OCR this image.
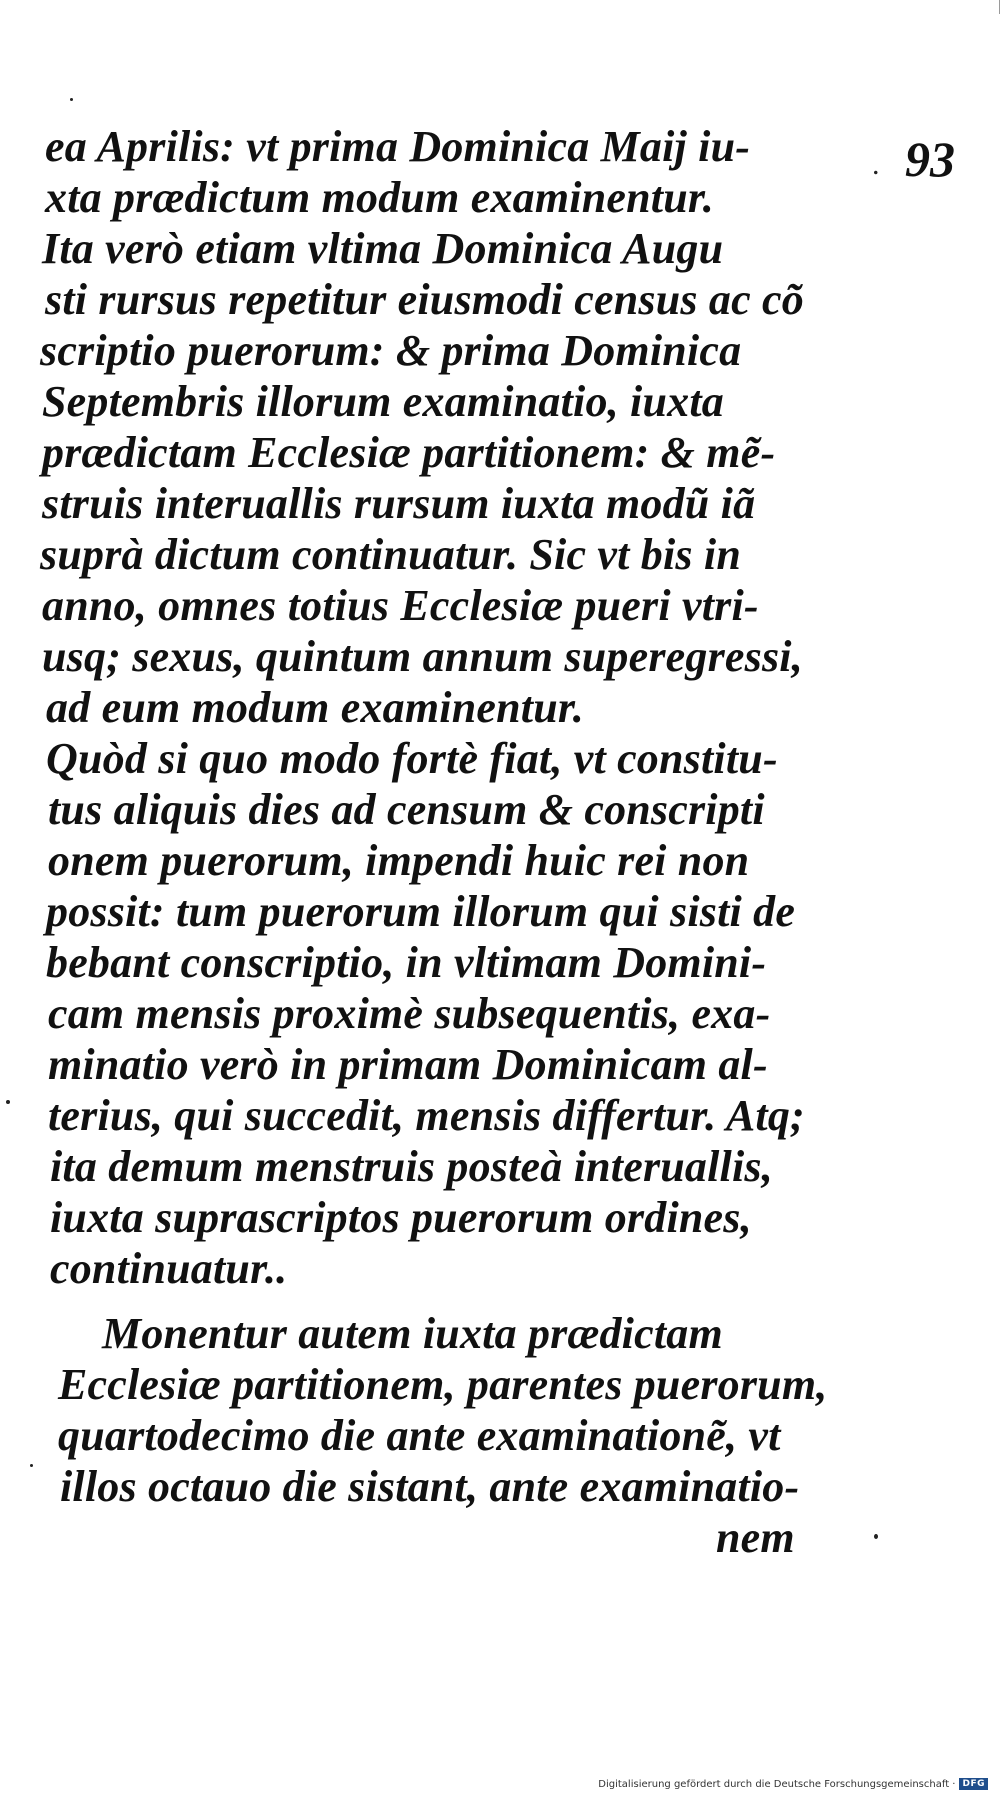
. 93
ea Aprilis: vt prima Dominica Maij iu-
xta prædictum modum examinentur.
Ita verò etiam vltima Dominica Augu
sti rursus repetitur eiusmodi census ac cõ
scriptio puerorum: & prima Dominica
Septembris illorum examinatio, iuxta
prædictam Ecclesiæ partitionem: & mẽ-
struis interuallis rursum iuxta modũ iã
suprà dictum continuatur. Sic vt bis in
anno, omnes totius Ecclesiæ pueri vtri-
usq; sexus, quintum annum superegressi,
ad eum modum examinentur.
Quòd si quo modo fortè fiat, vt constitu-
tus aliquis dies ad censum & conscripti
onem puerorum, impendi huic rei non
possit: tum puerorum illorum qui sisti de
bebant conscriptio, in vltimam Domini-
cam mensis proximè subsequentis, exa-
minatio verò in primam Dominicam al-
terius, qui succedit, mensis differtur. Atq;
ita demum menstruis posteà interuallis,
iuxta suprascriptos puerorum ordines,
continuatur..
Monentur autem iuxta prædictam
Ecclesiæ partitionem, parentes puerorum,
quartodecimo die ante examinationẽ, vt
illos octauo die sistant, ante examinatio-
nem
Digitalisierung gefördert durch die Deutsche Forschungsgemeinschaft · DFG
